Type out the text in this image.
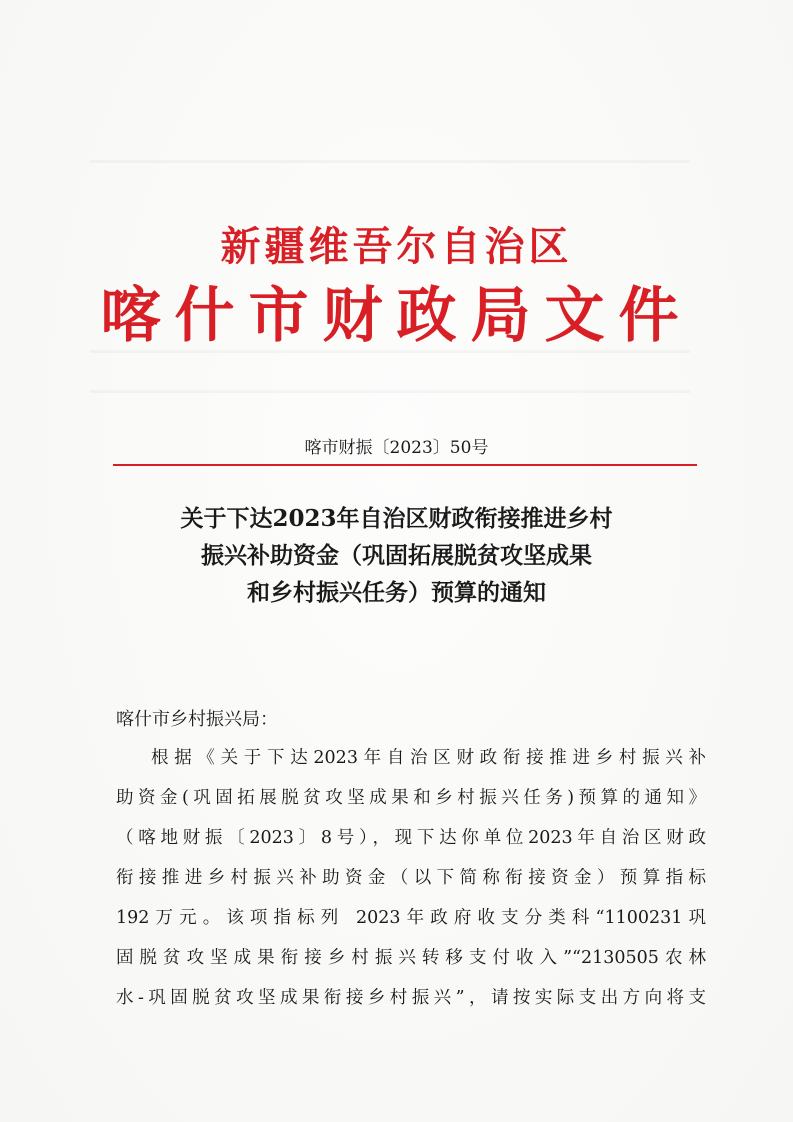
新疆维吾尔自治区
喀什市财政局文件
喀市财振〔2023〕50号
关于下达2023年自治区财政衔接推进乡村
振兴补助资金（巩固拓展脱贫攻坚成果
和乡村振兴任务）预算的通知
喀什市乡村振兴局：
根据《关于下达2023年自治区财政衔接推进乡村振兴补
助资金(巩固拓展脱贫攻坚成果和乡村振兴任务)预算的通知》
（喀地财振〔2023〕8号），现下达你单位2023年自治区财政
衔接推进乡村振兴补助资金（以下简称衔接资金）预算指标
192万元。该项指标列 2023年政府收支分类科“1100231巩
固脱贫攻坚成果衔接乡村振兴转移支付收入”“2130505农林
水-巩固脱贫攻坚成果衔接乡村振兴”，请按实际支出方向将支
